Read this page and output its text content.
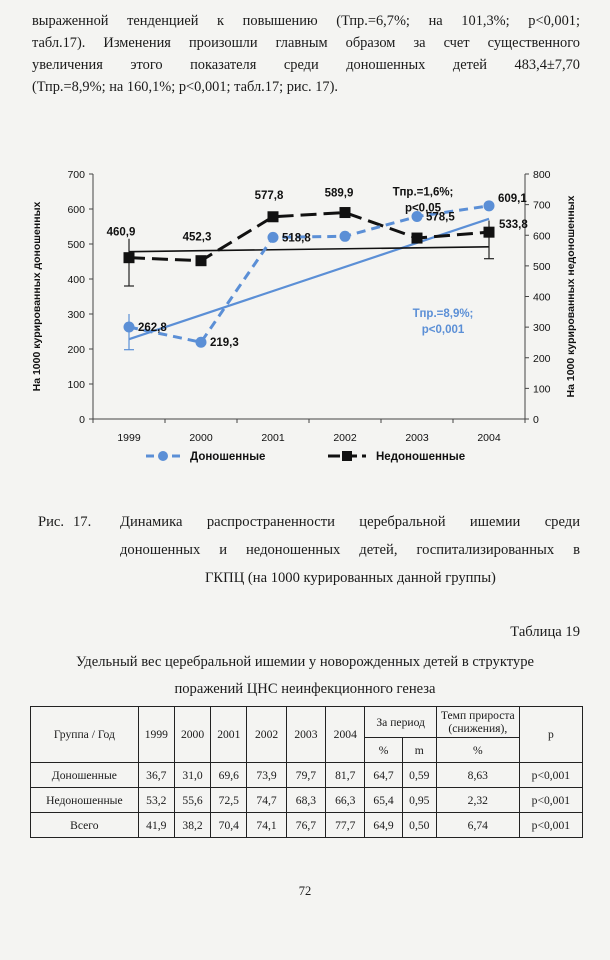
выраженной тенденцией к повышению (Тпр.=6,7%; на 101,3%; p<0,001;
табл.17). Изменения произошли главным образом за счет существенного
увеличения этого показателя среди доношенных детей 483,4±7,70
(Тпр.=8,9%; на 160,1%; p<0,001; табл.17; рис. 17).
0
100
200
300
400
500
600
700
0
100
200
300
400
500
600
700
800
1999	2000	2001	2002	2003	2004
На 1000 курированных доношенных	На 1000 курированных недоношенных
460,9	452,3
577,8	589,9
533,8
262,8
219,3
518,8
578,5
609,1
Тпр.=1,6%;
p<0,05
Тпр.=8,9%;
p<0,001
Доношенные	Недоношенные
Рис. 17. Динамика распространенности церебральной ишемии среди
доношенных и недоношенных детей, госпитализированных в
ГКПЦ (на 1000 курированных данной группы)
Таблица 19
Удельный вес церебральной ишемии у новорожденных детей в структуре
поражений ЦНС неинфекционного генеза
Группа / Год	1999	2000	2001	2002	2003	2004	За период		Темп прироста (снижения),	p
							%	m	%	
Доношенные	36,7	31,0	69,6	73,9	79,7	81,7	64,7	0,59	8,63	p<0,001
Недоношенные	53,2	55,6	72,5	74,7	68,3	66,3	65,4	0,95	2,32	p<0,001
Всего	41,9	38,2	70,4	74,1	76,7	77,7	64,9	0,50	6,74	p<0,001
72
